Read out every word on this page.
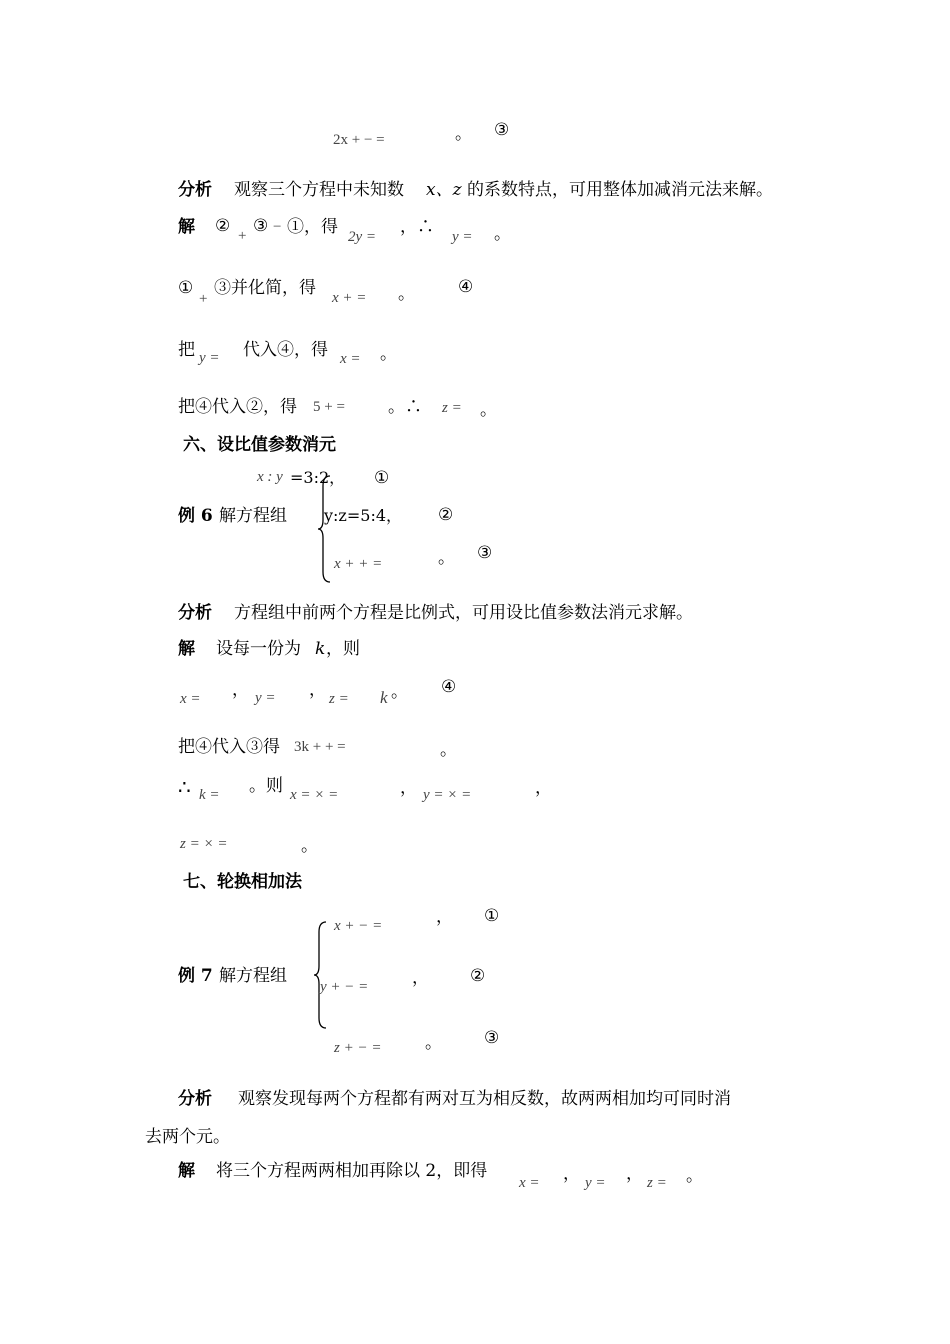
2x + − =	。 ③
分析 观察三个方程中未知数 x、z 的系数特点，可用整体加减消元法来解。
解 ② + ③ − ①，得 2y = ，∴ y = 。
①
+
③并化简，得 x + = 。	④
把 y = 代入④，得 x = 。
把④代入②，得 5 + =	。∴ z = 。
六、设比值参数消元
x : y =3:2， ①
例 6 解方程组 y:z=5:4， ②
x + + =	。 ③
分析 方程组中前两个方程是比例式，可用设比值参数法消元求解。
解 设每一份为 k ，则
x = ， y = ， z = k 。 ④
把④代入③得 3k + + =	。
∴ k = 。则 x = × =	， y = × =	，
z = × =	。
七、轮换相加法
x + − =	， ①
例 7 解方程组
y + − =	， ②
z + − =	。 ③
分析 观察发现每两个方程都有两对互为相反数，故两两相加均可同时消
去两个元。
解 将三个方程两两相加再除以 2，即得
x = ， y = ， z = 。
